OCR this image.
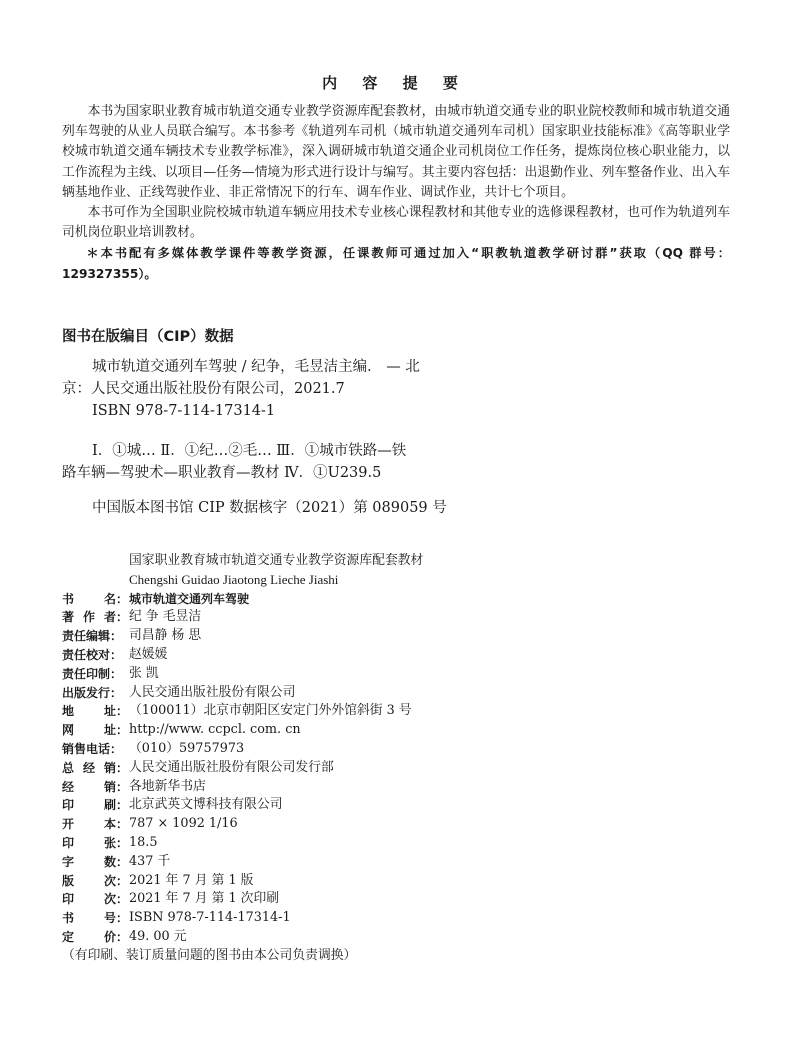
内 容 提 要

本书为国家职业教育城市轨道交通专业教学资源库配套教材，由城市轨道交通专业的职业院校教师和城市轨道交通列车驾驶的从业人员联合编写。本书参考《轨道列车司机（城市轨道交通列车司机）国家职业技能标准》《高等职业学校城市轨道交通车辆技术专业教学标准》，深入调研城市轨道交通企业司机岗位工作任务，提炼岗位核心职业能力，以工作流程为主线、以项目—任务—情境为形式进行设计与编写。其主要内容包括：出退勤作业、列车整备作业、出入车辆基地作业、正线驾驶作业、非正常情况下的行车、调车作业、调试作业，共计七个项目。

本书可作为全国职业院校城市轨道车辆应用技术专业核心课程教材和其他专业的选修课程教材，也可作为轨道列车司机岗位职业培训教材。

＊本书配有多媒体教学课件等教学资源，任课教师可通过加入“职教轨道教学研讨群”获取（QQ 群号：129327355）。

图书在版编目（CIP）数据
城市轨道交通列车驾驶 / 纪争，毛昱洁主编． — 北
京：人民交通出版社股份有限公司，2021.7
ISBN 978-7-114-17314-1
Ⅰ．①城… Ⅱ．①纪…②毛… Ⅲ．①城市铁路—铁
路车辆—驾驶术—职业教育—教材 Ⅳ．①U239.5
中国版本图书馆 CIP 数据核字（2021）第 089059 号
国家职业教育城市轨道交通专业教学资源库配套教材
Chengshi Guidao Jiaotong Lieche Jiashi
书 名： 城市轨道交通列车驾驶
著 作 者： 纪 争 毛昱洁
责任编辑： 司昌静 杨 思
责任校对： 赵媛媛
责任印制： 张 凯
出版发行： 人民交通出版社股份有限公司
地 址： （100011）北京市朝阳区安定门外外馆斜街 3 号
网 址： http://www. ccpcl. com. cn
销售电话： （010）59757973
总 经 销： 人民交通出版社股份有限公司发行部
经 销： 各地新华书店
印 刷： 北京武英文博科技有限公司
开 本： 787 × 1092 1/16
印 张： 18.5
字 数： 437 千
版 次： 2021 年 7 月 第 1 版
印 次： 2021 年 7 月 第 1 次印刷
书 号： ISBN 978-7-114-17314-1
定 价： 49. 00 元
（有印刷、装订质量问题的图书由本公司负责调换）
